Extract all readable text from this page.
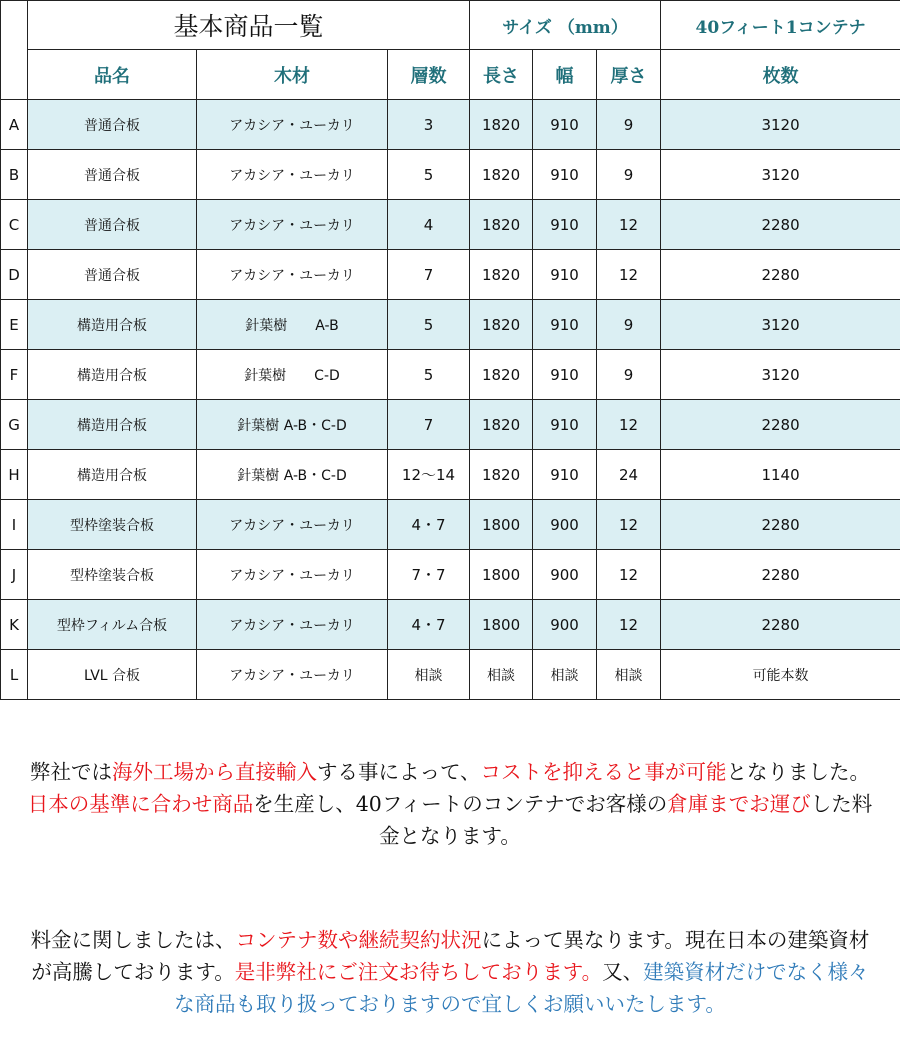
	基本商品一覧			サイズ （mm）			40フィート1コンテナ
	品名	木材	層数	長さ	幅	厚さ	枚数
A	普通合板	アカシア・ユーカリ	3	1820	910	9	3120
B	普通合板	アカシア・ユーカリ	5	1820	910	9	3120
C	普通合板	アカシア・ユーカリ	4	1820	910	12	2280
D	普通合板	アカシア・ユーカリ	7	1820	910	12	2280
E	構造用合板	針葉樹　　A-B	5	1820	910	9	3120
F	構造用合板	針葉樹　　C-D	5	1820	910	9	3120
G	構造用合板	針葉樹 A-B・C-D	7	1820	910	12	2280
H	構造用合板	針葉樹 A-B・C-D	12～14	1820	910	24	1140
I	型枠塗装合板	アカシア・ユーカリ	4・7	1800	900	12	2280
J	型枠塗装合板	アカシア・ユーカリ	7・7	1800	900	12	2280
K	型枠フィルム合板	アカシア・ユーカリ	4・7	1800	900	12	2280
L	LVL 合板	アカシア・ユーカリ	相談	相談	相談	相談	可能本数
弊社では海外工場から直接輸入する事によって、コストを抑えると事が可能となりました。日本の基準に合わせ商品を生産し、40フィートのコンテナでお客様の倉庫までお運びした料金となります。
料金に関しましたは、コンテナ数や継続契約状況によって異なります。現在日本の建築資材が高騰しております。是非弊社にご注文お待ちしております。又、建築資材だけでなく様々な商品も取り扱っておりますので宜しくお願いいたします。
